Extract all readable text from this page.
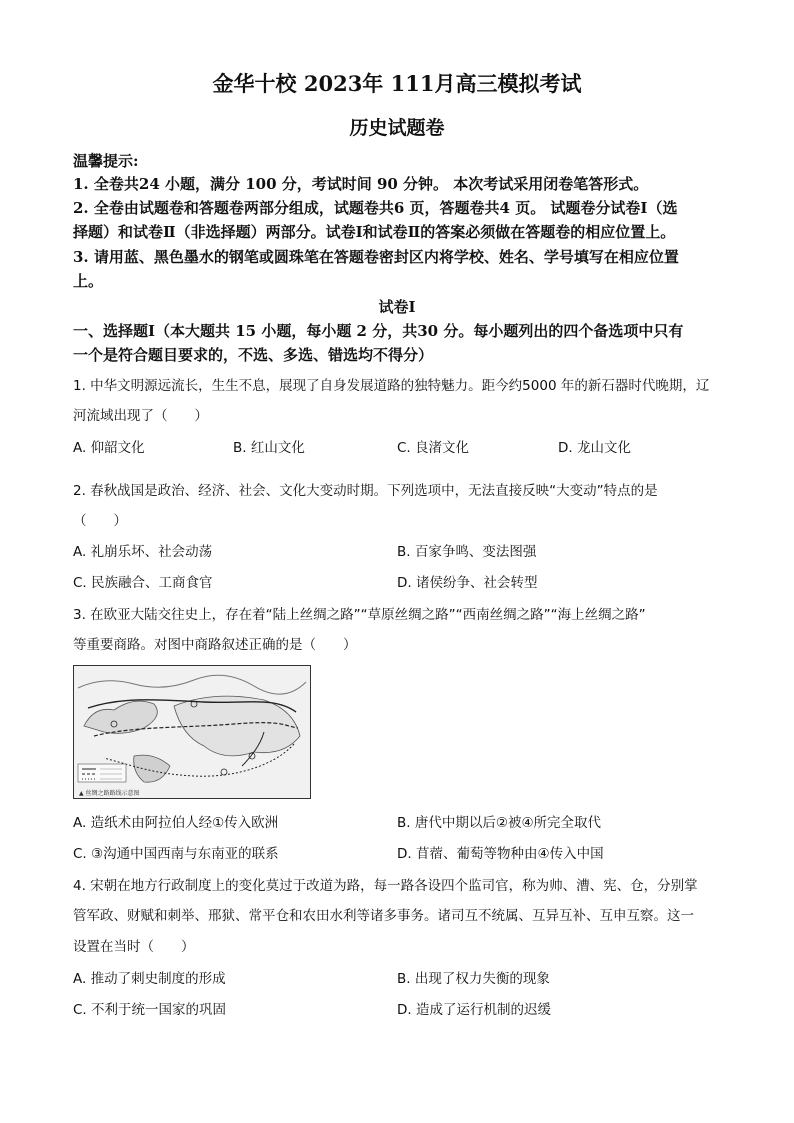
金华十校 2023年 111月高三模拟考试
历史试题卷
温馨提示:
1. 全卷共24 小题，满分 100 分，考试时间 90 分钟。 本次考试采用闭卷笔答形式。
2. 全卷由试题卷和答题卷两部分组成，试题卷共6 页，答题卷共4 页。 试题卷分试卷Ⅰ（选
择题）和试卷Ⅱ（非选择题）两部分。试卷Ⅰ和试卷Ⅱ的答案必须做在答题卷的相应位置上。
3. 请用蓝、黑色墨水的钢笔或圆珠笔在答题卷密封区内将学校、姓名、学号填写在相应位置
上。
试卷Ⅰ
一、选择题Ⅰ（本大题共 15 小题，每小题 2 分，共30 分。每小题列出的四个备选项中只有
一个是符合题目要求的，不选、多选、错选均不得分）
1. 中华文明源远流长，生生不息，展现了自身发展道路的独特魅力。距今约5000 年的新石器时代晚期，辽
河流域出现了（　　）
A. 仰韶文化	B. 红山文化	C. 良渚文化	D. 龙山文化
2. 春秋战国是政治、经济、社会、文化大变动时期。下列选项中，无法直接反映“大变动”特点的是
（　　）
A. 礼崩乐坏、社会动荡	B. 百家争鸣、变法图强
C. 民族融合、工商食官	D. 诸侯纷争、社会转型
3. 在欧亚大陆交往史上，存在着“陆上丝绸之路”“草原丝绸之路”“西南丝绸之路”“海上丝绸之路”
等重要商路。对图中商路叙述正确的是（　　）
▲ 丝绸之路路线示意图
A. 造纸术由阿拉伯人经①传入欧洲	B. 唐代中期以后②被④所完全取代
C. ③沟通中国西南与东南亚的联系	D. 苜蓿、葡萄等物种由④传入中国
4. 宋朝在地方行政制度上的变化莫过于改道为路，每一路各设四个监司官，称为帅、漕、宪、仓，分别掌
管军政、财赋和刺举、邢狱、常平仓和农田水利等诸多事务。诸司互不统属、互异互补、互申互察。这一
设置在当时（　　）
A. 推动了刺史制度的形成	B. 出现了权力失衡的现象
C. 不利于统一国家的巩固	D. 造成了运行机制的迟缓
